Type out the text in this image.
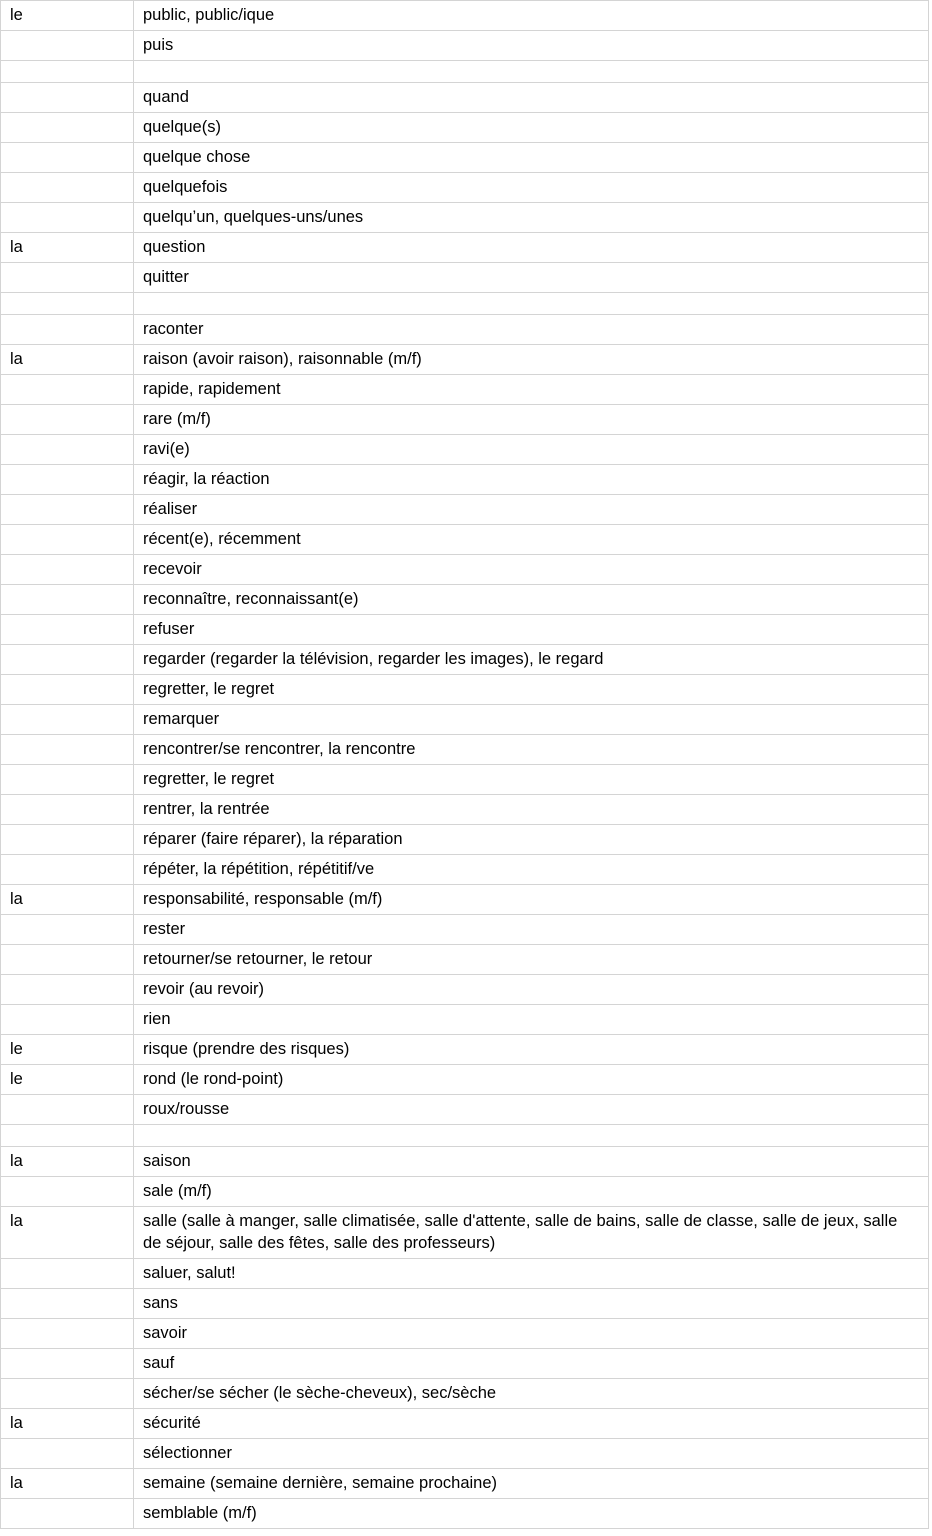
le	public, public/ique
	puis

	quand
	quelque(s)
	quelque chose
	quelquefois
	quelqu’un, quelques-uns/unes
la	question
	quitter

	raconter
la	raison (avoir raison), raisonnable (m/f)
	rapide, rapidement
	rare (m/f)
	ravi(e)
	réagir, la réaction
	réaliser
	récent(e), récemment
	recevoir
	reconnaître, reconnaissant(e)
	refuser
	regarder (regarder la télévision, regarder les images), le regard
	regretter, le regret
	remarquer
	rencontrer/se rencontrer, la rencontre
	regretter, le regret
	rentrer, la rentrée
	réparer (faire réparer), la réparation
	répéter, la répétition, répétitif/ve
la	responsabilité, responsable (m/f)
	rester
	retourner/se retourner, le retour
	revoir (au revoir)
	rien
le	risque (prendre des risques)
le	rond (le rond-point)
	roux/rousse

la	saison
	sale (m/f)
la	salle (salle à manger, salle climatisée, salle d'attente, salle de bains, salle de classe, salle de jeux, salle de séjour, salle des fêtes, salle des professeurs)
	saluer, salut!
	sans
	savoir
	sauf
	sécher/se sécher (le sèche-cheveux), sec/sèche
la	sécurité
	sélectionner
la	semaine (semaine dernière, semaine prochaine)
	semblable (m/f)
